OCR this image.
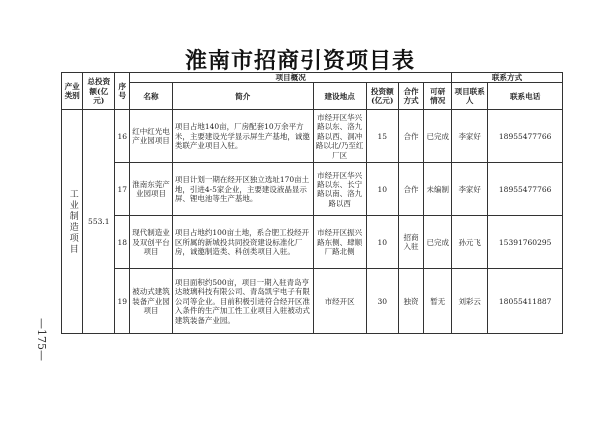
淮南市招商引资项目表
—175—
产业类别	总投资额(亿元)	序号	项目概况						联系方式	
			名称	简介	建设地点	投资额(亿元)	合作方式	可研情况	项目联系人	联系电话

工业制造项目	553.1	16	红中红光电产业园项目	项目占地140亩，厂房配套10万余平方米，主要建设光学显示屏生产基地，诚邀类联产业项目入驻。	市经开区华兴路以东、洛九路以西、洞冲路以北/乃至红厂区	15	合作	已完成	李家好	18955477766
		17	淮南东莞产业园项目	项目计划一期在经开区独立选址170亩土地，引进4-5家企业，主要建设液晶显示屏、锂电池等生产基地。	市经开区华兴路以东、长宁路以南、洛九路以西	10	合作	未编制	李家好	18955477766
		18	现代制造业及双创平台项目	项目占地约100亩土地，系合肥工投经开区所属的新城投共同投资建设标准化厂房，诚邀制造类、科创类项目入驻。	市经开区振兴路东侧、肆顺厂路北侧	10	招商入驻	已完成	孙元飞	15391760295
		19	被动式建筑装备产业园项目	项目面积约500亩，项目一期入驻青岛亨达玻璃科技有限公司、青岛凯宇电子有限公司等企业。目前积极引进符合经开区准入条件的生产加工性工业项目入驻被动式建筑装备产业园。	市经开区	30	独资	暂无	刘彩云	18055411887
